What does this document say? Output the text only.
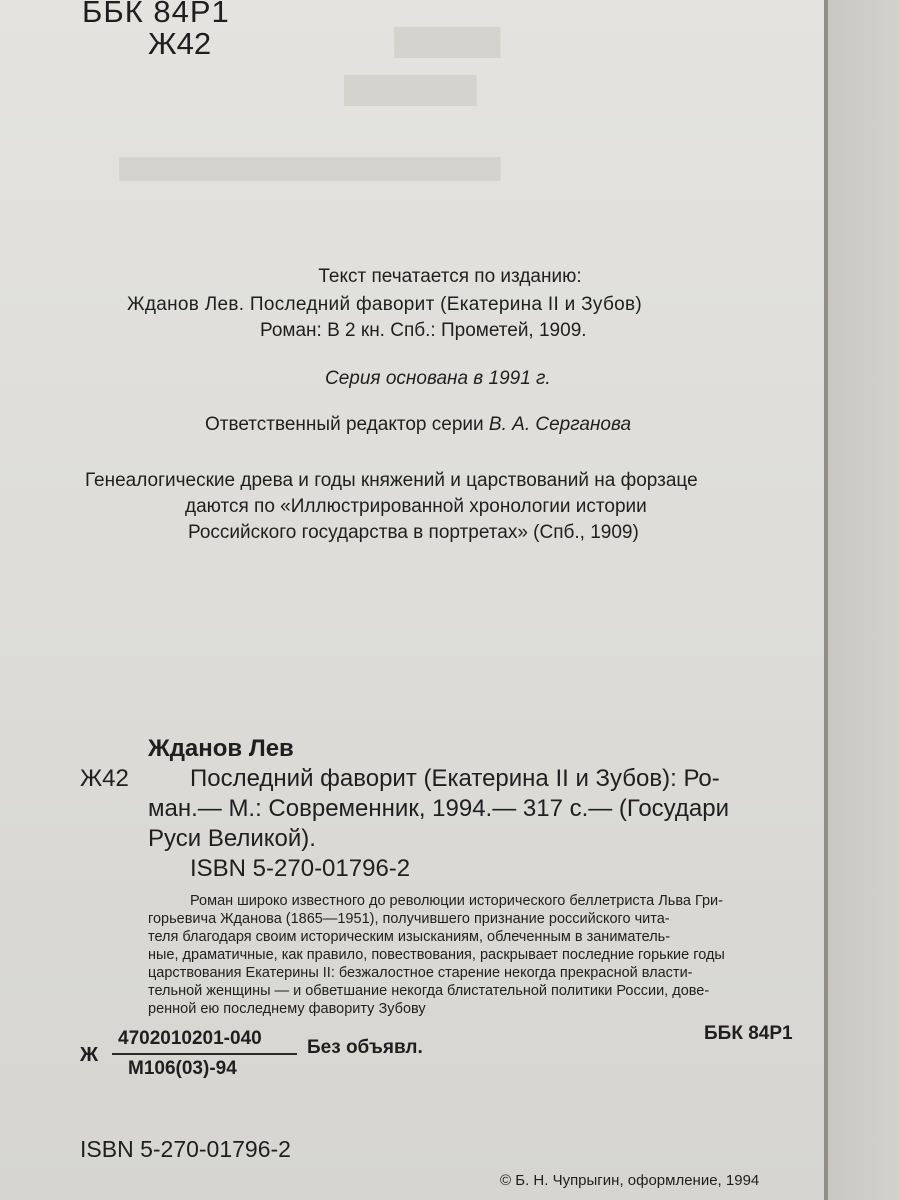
▆▆▆▆
▆▆▆▆▆
▆▆▆▆▆▆▆▆▆▆▆▆▆▆▆▆▆▆▆
ББК 84Р1
Ж42
Текст печатается по изданию:
Жданов Лев. Последний фаворит (Екатерина II и Зубов)
Роман: В 2 кн. Спб.: Прометей, 1909.
Серия основана в 1991 г.
Ответственный редактор серии В. А. Серганова
Генеалогические древа и годы княжений и царствований на форзаце
даются по «Иллюстрированной хронологии истории
Российского государства в портретах» (Спб., 1909)
Жданов Лев
Ж42	Последний фаворит (Екатерина II и Зубов): Ро-
ман.— М.: Современник, 1994.— 317 с.— (Государи
Руси Великой).
ISBN 5-270-01796-2
Роман широко известного до революции исторического беллетриста Льва Гри-
горьевича Жданова (1865—1951), получившего признание российского чита-
теля благодаря своим историческим изысканиям, облеченным в заниматель-
ные, драматичные, как правило, повествования, раскрывает последние горькие годы
царствования Екатерины II: безжалостное старение некогда прекрасной власти-
тельной женщины — и обветшание некогда блистательной политики России, дове-
ренной ею последнему фавориту Зубову
Ж
4702010201-040
М106(03)-94
Без объявл.
ББК 84Р1
ISBN 5-270-01796-2
© Б. Н. Чупрыгин, оформление, 1994
